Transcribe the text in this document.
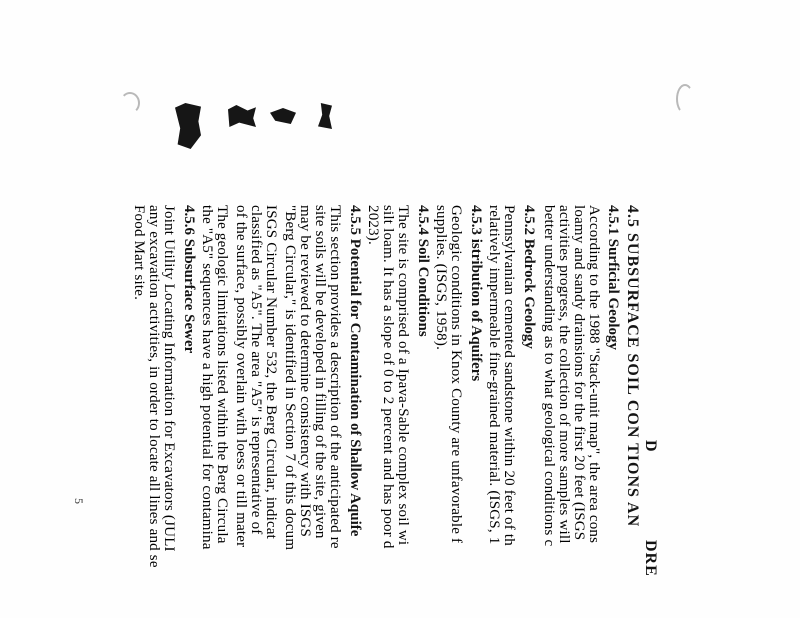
D
DRE
4.5 SUBSURFACE SOIL CON TIONS AN
4.5.1 Surficial Geology
According to the 1988 "Stack-unit map", the area cons
loamy and sandy drainsions for the first 20 feet (ISGS
activities progress, the collection of more samples will
better understanding as to what geological conditions c
4.5.2 Bedrock Geology
Pennsylvanian cemented sandstone within 20 feet of th
relatively impermeable fine-grained material. (ISGS, 1
4.5.3 istribution of Aquifers
Geologic conditions in Knox County are unfavorable f
supplies. (ISGS, 1958).
4.5.4 Soil Conditions
The site is comprised of a Ipava-Sable complex soil wi
silt loam. It has a slope of 0 to 2 percent and has poor d
2023).
4.5.5 Potential for Contamination of Shallow Aquife
This section provides a description of the anticipated re
site soils will be developed in filling of the site, given
may be reviewed to determine consistency with ISGS
"Berg Circular," is identified in Section 7 of this docum
ISGS Circular Number 532, the Berg Circular, indicat
classified as "A5". The area "A5" is representative of
of the surface, possibly overlain with loess or till mater
The geologic limitations listed within the Berg Circula
the "A5" sequences have a high potential for contamina
4.5.6 Subsurface Sewer
Joint Utility Locating Information for Excavators (JULI
any excavation activities, in order to locate all lines and se
Food Mart site.
5
